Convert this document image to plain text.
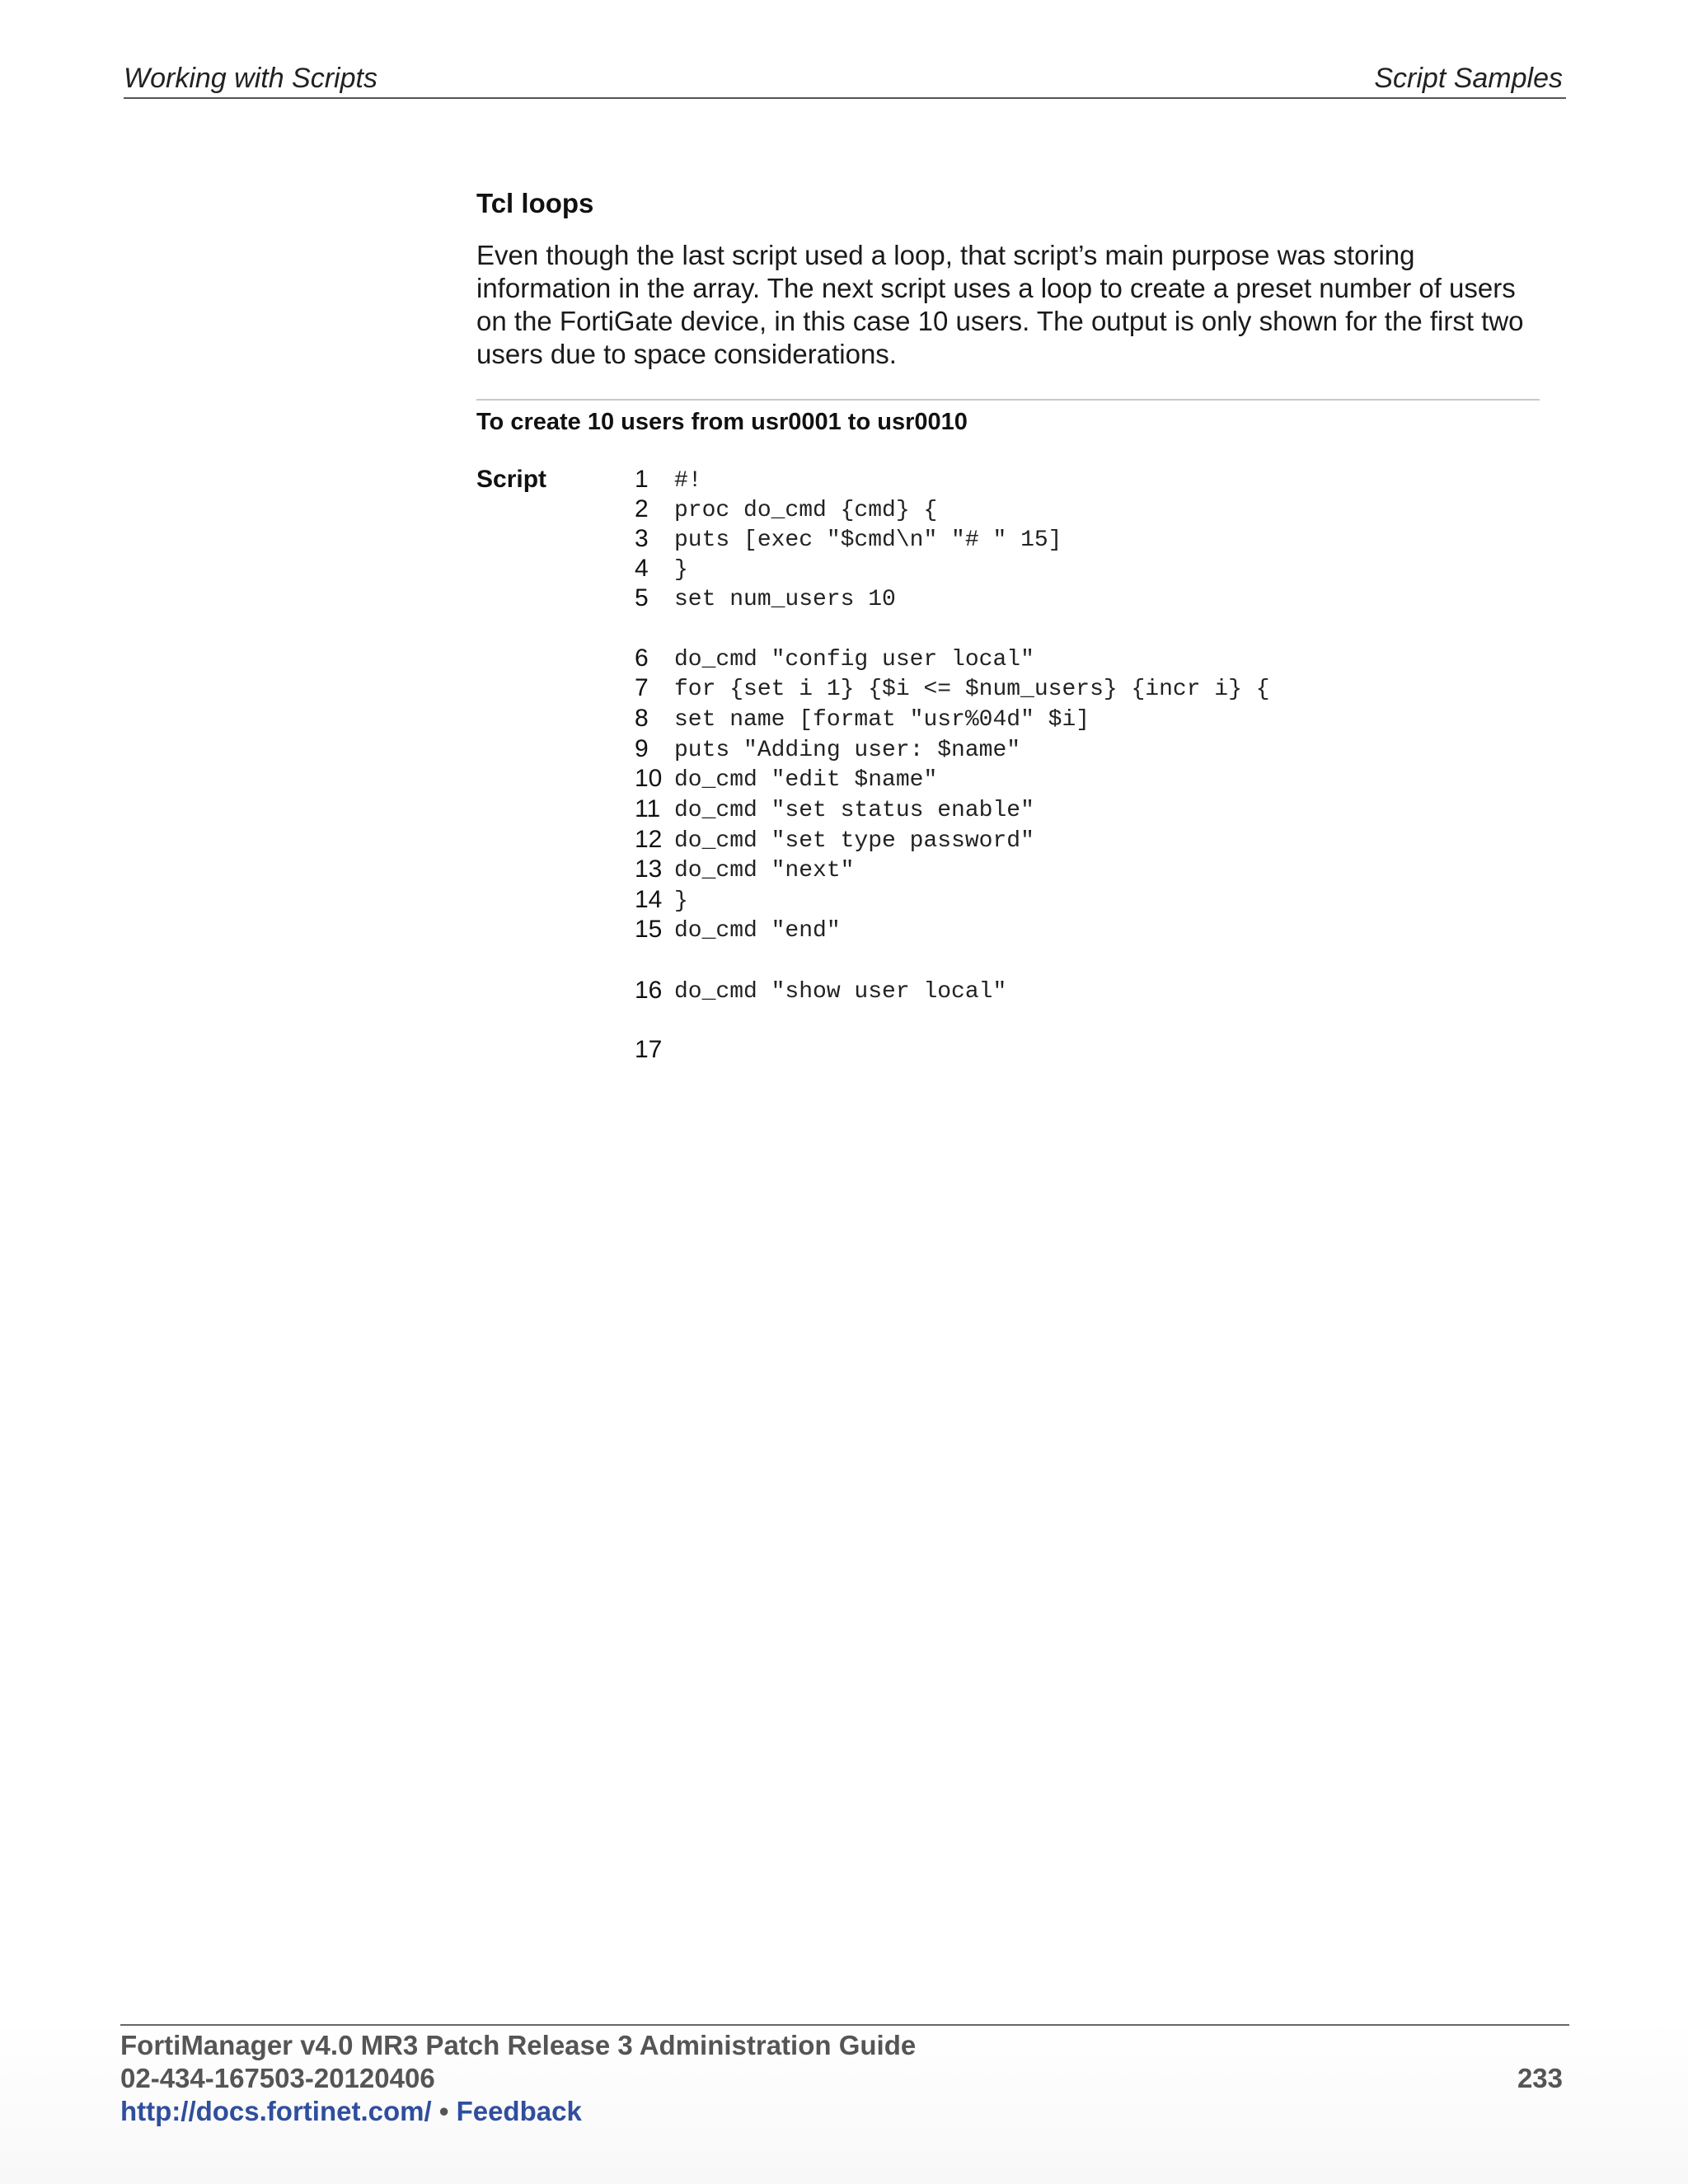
Working with Scripts	Script Samples
Tcl loops

Even though the last script used a loop, that script’s main purpose was storing information in the array. The next script uses a loop to create a preset number of users on the FortiGate device, in this case 10 users. The output is only shown for the first two users due to space considerations.

To create 10 users from usr0001 to usr0010
Script	1 #!
2 proc do_cmd {cmd} {
3 puts [exec "$cmd\n" "# " 15]
4 }
5 set num_users 10
6 do_cmd "config user local"
7 for {set i 1} {$i <= $num_users} {incr i} {
8 set name [format "usr%04d" $i]
9 puts "Adding user: $name"
10 do_cmd "edit $name"
11 do_cmd "set status enable"
12 do_cmd "set type password"
13 do_cmd "next"
14 }
15 do_cmd "end"
16 do_cmd "show user local"
17
FortiManager v4.0 MR3 Patch Release 3 Administration Guide
02-434-167503-20120406	233
http://docs.fortinet.com/ • Feedback
